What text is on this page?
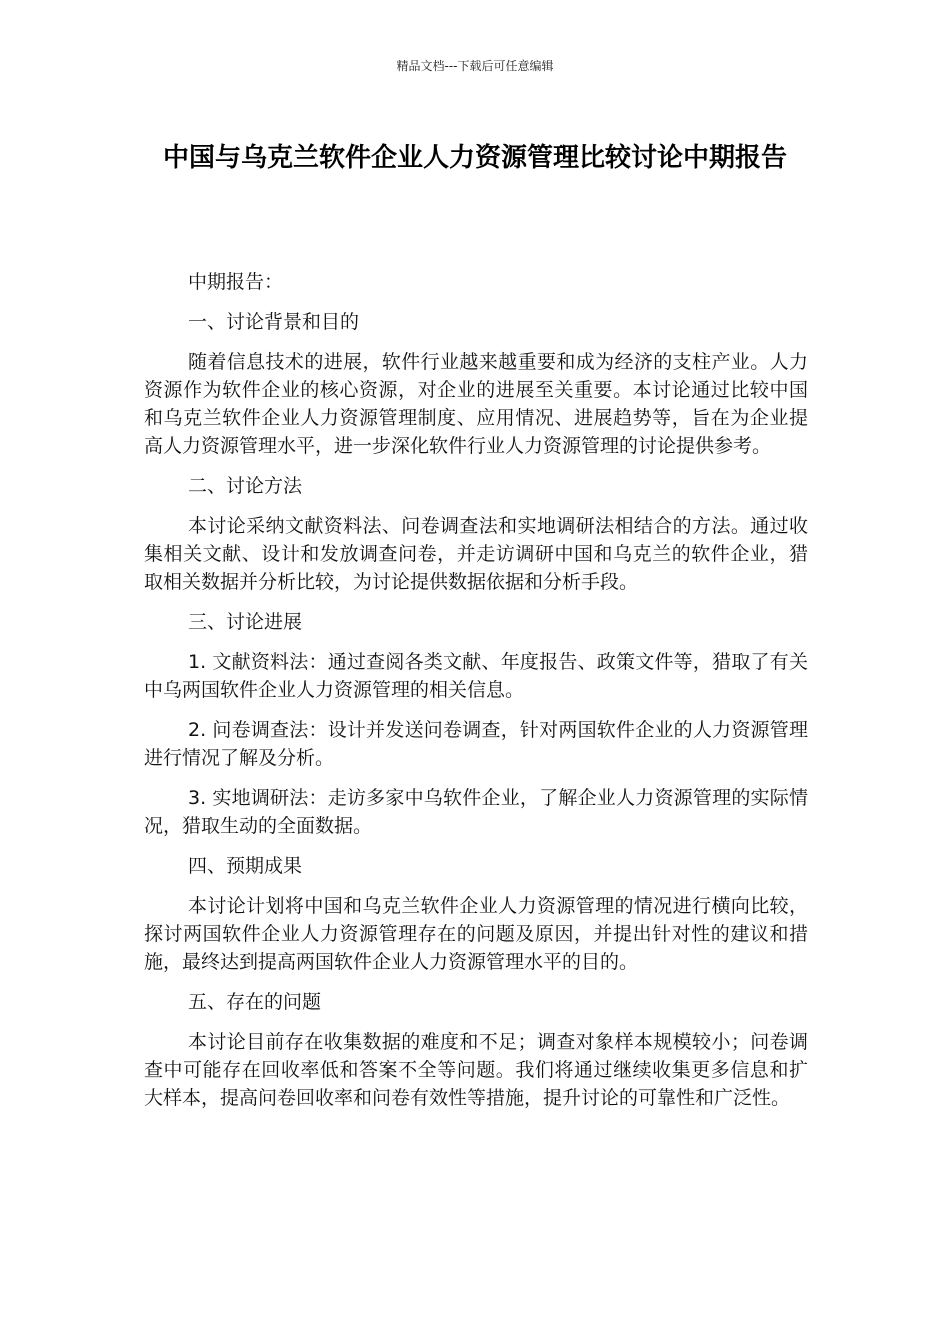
精品文档---下载后可任意编辑
中国与乌克兰软件企业人力资源管理比较讨论中期报告

中期报告：

一、讨论背景和目的

随着信息技术的进展，软件行业越来越重要和成为经济的支柱产业。人力资源作为软件企业的核心资源，对企业的进展至关重要。本讨论通过比较中国和乌克兰软件企业人力资源管理制度、应用情况、进展趋势等，旨在为企业提高人力资源管理水平，进一步深化软件行业人力资源管理的讨论提供参考。

二、讨论方法

本讨论采纳文献资料法、问卷调查法和实地调研法相结合的方法。通过收集相关文献、设计和发放调查问卷，并走访调研中国和乌克兰的软件企业，猎取相关数据并分析比较，为讨论提供数据依据和分析手段。

三、讨论进展

1. 文献资料法：通过查阅各类文献、年度报告、政策文件等，猎取了有关中乌两国软件企业人力资源管理的相关信息。

2. 问卷调查法：设计并发送问卷调查，针对两国软件企业的人力资源管理进行情况了解及分析。

3. 实地调研法：走访多家中乌软件企业，了解企业人力资源管理的实际情况，猎取生动的全面数据。

四、预期成果

本讨论计划将中国和乌克兰软件企业人力资源管理的情况进行横向比较，探讨两国软件企业人力资源管理存在的问题及原因，并提出针对性的建议和措施，最终达到提高两国软件企业人力资源管理水平的目的。

五、存在的问题

本讨论目前存在收集数据的难度和不足；调查对象样本规模较小；问卷调查中可能存在回收率低和答案不全等问题。我们将通过继续收集更多信息和扩大样本，提高问卷回收率和问卷有效性等措施，提升讨论的可靠性和广泛性。
